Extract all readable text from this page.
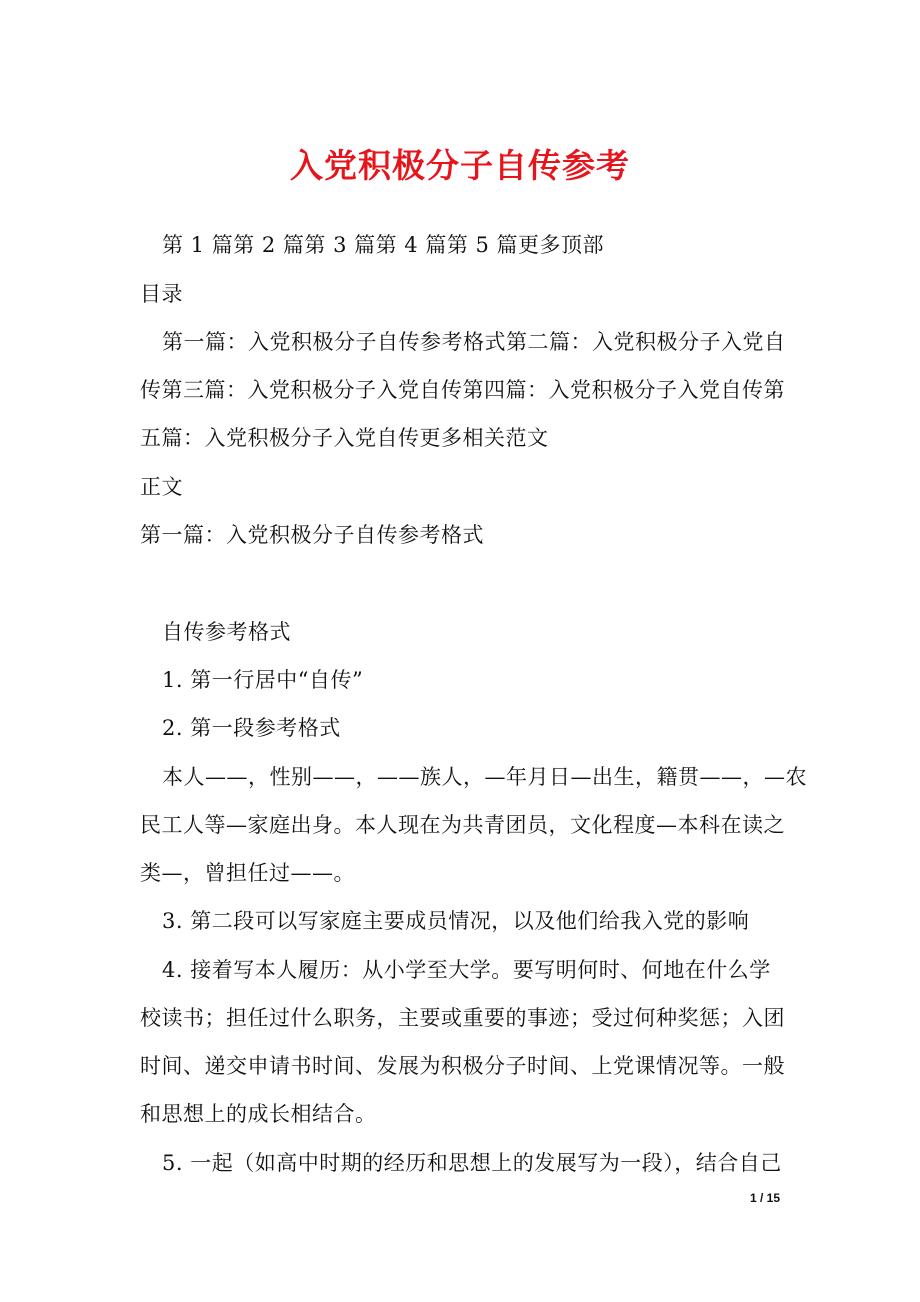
入党积极分子自传参考
第 1 篇第 2 篇第 3 篇第 4 篇第 5 篇更多顶部
目录
第一篇：入党积极分子自传参考格式第二篇：入党积极分子入党自
传第三篇：入党积极分子入党自传第四篇：入党积极分子入党自传第
五篇：入党积极分子入党自传更多相关范文
正文
第一篇：入党积极分子自传参考格式
自传参考格式
1. 第一行居中“自传”
2. 第一段参考格式
本人——，性别——，——族人，—年月日—出生，籍贯——，—农
民工人等—家庭出身。本人现在为共青团员，文化程度—本科在读之
类—，曾担任过——。
3. 第二段可以写家庭主要成员情况，以及他们给我入党的影响
4. 接着写本人履历：从小学至大学。要写明何时、何地在什么学
校读书；担任过什么职务，主要或重要的事迹；受过何种奖惩；入团
时间、递交申请书时间、发展为积极分子时间、上党课情况等。一般
和思想上的成长相结合。
5. 一起（如高中时期的经历和思想上的发展写为一段），结合自己
1 / 15
